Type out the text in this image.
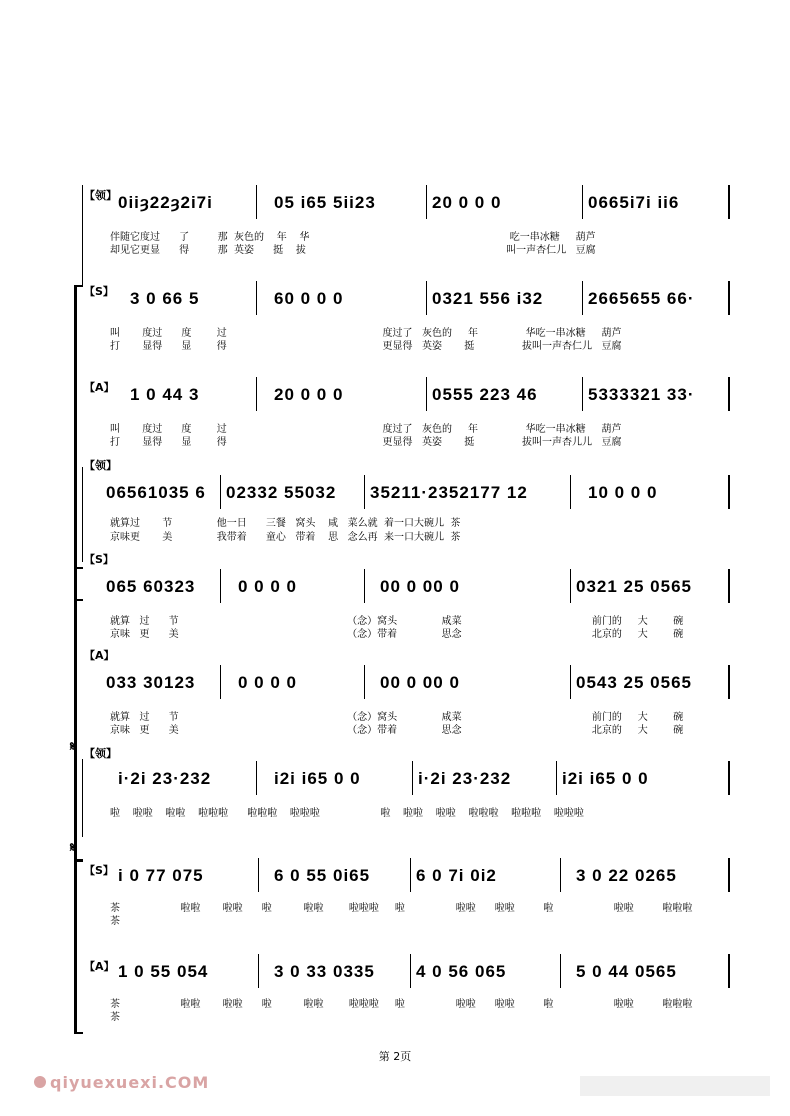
【领】 0iiȝ22ȝ2i7i	05 i65 5ii23	20 0 0 0	0665i7i ii6
伴随它度过      了         那  灰色的    年    华                                                               吃一串冰糖     葫芦
却见它更显      得         那  英姿      挺    拔                                                               叫一声杏仁儿   豆腐
【S】 3 0 66 5	60 0 0 0	0321 556 i32	2665655 66·
叫       度过      度        过                                                 度过了   灰色的     年               华吃一串冰糖     葫芦
打       显得      显        得                                                 更显得   英姿       挺               拔叫一声杏仁儿   豆腐
【A】 1 0 44 3	20 0 0 0	0555 223 46	5333321 33·
叫       度过      度        过                                                 度过了   灰色的     年               华吃一串冰糖     葫芦
打       显得      显        得                                                 更显得   英姿       挺               拔叫一声杏儿儿   豆腐
【领】
06561035 6 02332 55032 35211·2352177 12	10 0 0 0
就算过       节              他一日      三餐   窝头    咸   菜么就  着一口大碗儿  茶
京味更       美              我带着      童心   带着    思   念么再  来一口大碗儿  茶
【S】
065 60323	0 0 0 0	00 0 00 0	0321 25 0565
就算   过      节                                                     （念）窝头              咸菜                                         前门的     大        碗
京味   更      美                                                     （念）带着              思念                                         北京的     大        碗
【A】
033 30123	0 0 0 0	00 0 00 0	0543 25 0565
就算   过      节                                                     （念）窝头              咸菜                                         前门的     大        碗
京味   更      美                                                     （念）带着              思念                                         北京的     大        碗
𝄋 【领】
i·2i 23·232	i2i i65 0 0	i·2i 23·232	i2i i65 0 0
啦    啦啦    啦啦    啦啦啦      啦啦啦    啦啦啦                   啦    啦啦    啦啦    啦啦啦    啦啦啦    啦啦啦
𝄋
【S】 i 0 77 075	6 0 55 0i65	6 0 7i 0i2	3 0 22 0265
茶                   啦啦       啦啦      啦          啦啦        啦啦啦     啦                啦啦      啦啦         啦                   啦啦         啦啦啦
茶
【A】 1 0 55 054	3 0 33 0335 4 0 56 065	5 0 44 0565
茶                   啦啦       啦啦      啦          啦啦        啦啦啦     啦                啦啦      啦啦         啦                   啦啦         啦啦啦
茶
第 2页
qiyuexuexi.COM
